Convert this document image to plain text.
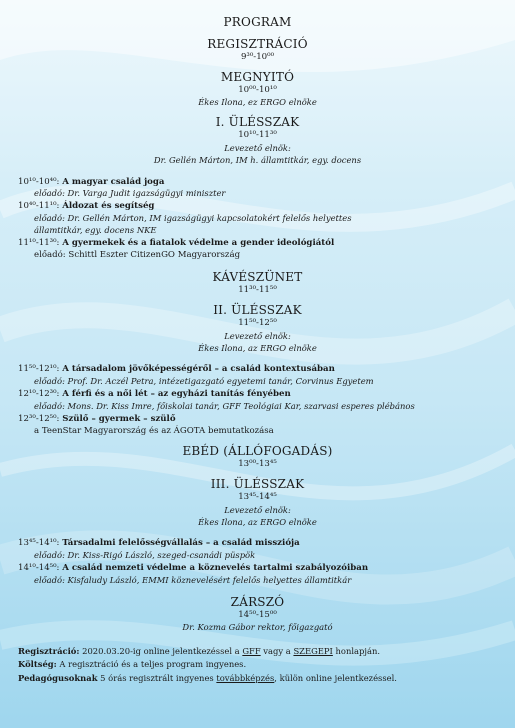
PROGRAM
REGISZTRÁCIÓ
9³⁰-10⁰⁰
MEGNYITÓ
10⁰⁰-10¹⁰
Ékes Ilona, ez ERGO elnöke
I. ÜLÉSSZAK
10¹⁰-11³⁰
Levezető elnök:
Dr. Gellén Márton, IM h. államtitkár, egy. docens
10¹⁰-10⁴⁰: A magyar család joga
előadó: Dr. Varga Judit igazságügyi miniszter
10⁴⁰-11¹⁰: Áldozat és segítség
előadó: Dr. Gellén Márton, IM igazságügyi kapcsolatokért felelős helyettes
államtitkár, egy. docens NKE
11¹⁰-11³⁰: A gyermekek és a fiatalok védelme a gender ideológiától
előadó: Schittl Eszter CitizenGO Magyarország
KÁVÉSZÜNET
11³⁰-11⁵⁰
II. ÜLÉSSZAK
11⁵⁰-12⁵⁰
Levezető elnök:
Ékes Ilona, az ERGO elnöke
11⁵⁰-12¹⁰: A társadalom jövőképességéről – a család kontextusában
előadó: Prof. Dr. Aczél Petra, intézetigazgató egyetemi tanár, Corvinus Egyetem
12¹⁰-12³⁰: A férfi és a női lét – az egyházi tanítás fényében
előadó: Mons. Dr. Kiss Imre, főiskolai tanár, GFF Teológiai Kar, szarvasi esperes plébános
12³⁰-12⁵⁰: Szülő – gyermek – szülő
a TeenStar Magyarország és az ÁGOTA bemutatkozása
EBÉD (ÁLLÓFOGADÁS)
13⁰⁰-13⁴⁵
III. ÜLÉSSZAK
13⁴⁵-14⁴⁵
Levezető elnök:
Ékes Ilona, az ERGO elnöke
13⁴⁵-14¹⁰: Társadalmi felelősségvállalás – a család missziója
előadó: Dr. Kiss-Rigó László, szeged-csanádi püspök
14¹⁰-14⁵⁰: A család nemzeti védelme a köznevelés tartalmi szabályozóiban
előadó: Kisfaludy László, EMMI köznevelésért felelős helyettes államtitkár
ZÁRSZÓ
14⁵⁰-15⁰⁰
Dr. Kozma Gábor rektor, főigazgató
Regisztráció: 2020.03.20-ig online jelentkezéssel a GFF vagy a SZEGEPI honlapján.
Költség: A regisztráció és a teljes program ingyenes.
Pedagógusoknak 5 órás regisztrált ingyenes továbbképzés, külön online jelentkezéssel.
